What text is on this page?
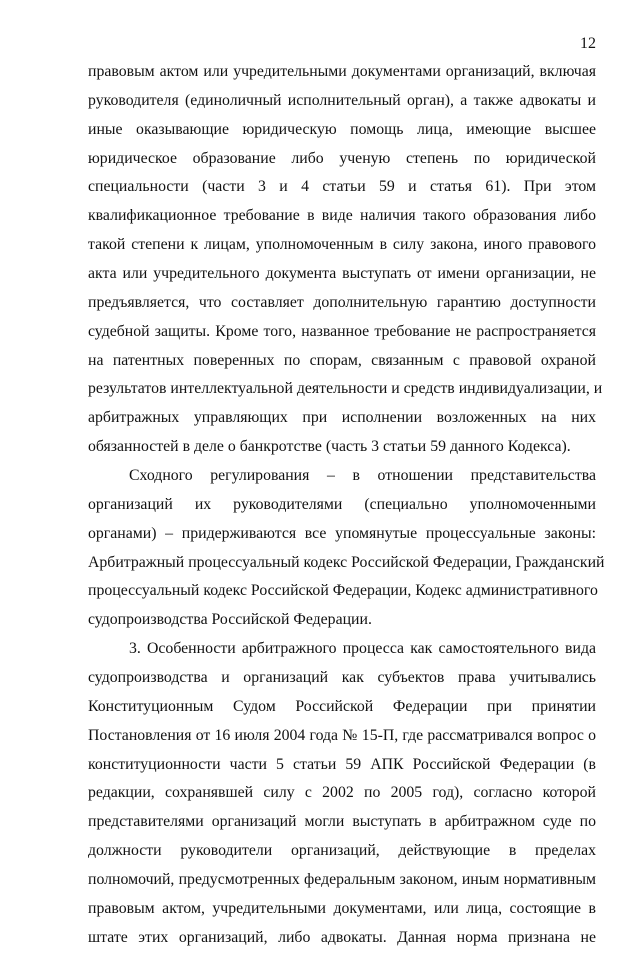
12
правовым актом или учредительными документами организаций, включая
руководителя (единоличный исполнительный орган), а также адвокаты и
иные оказывающие юридическую помощь лица, имеющие высшее
юридическое образование либо ученую степень по юридической
специальности (части 3 и 4 статьи 59 и статья 61). При этом
квалификационное требование в виде наличия такого образования либо
такой степени к лицам, уполномоченным в силу закона, иного правового
акта или учредительного документа выступать от имени организации, не
предъявляется, что составляет дополнительную гарантию доступности
судебной защиты. Кроме того, названное требование не распространяется
на патентных поверенных по спорам, связанным с правовой охраной
результатов интеллектуальной деятельности и средств индивидуализации, и
арбитражных управляющих при исполнении возложенных на них
обязанностей в деле о банкротстве (часть 3 статьи 59 данного Кодекса).
Сходного регулирования – в отношении представительства
организаций их руководителями (специально уполномоченными
органами) – придерживаются все упомянутые процессуальные законы:
Арбитражный процессуальный кодекс Российской Федерации, Гражданский
процессуальный кодекс Российской Федерации, Кодекс административного
судопроизводства Российской Федерации.
3. Особенности арбитражного процесса как самостоятельного вида
судопроизводства и организаций как субъектов права учитывались
Конституционным Судом Российской Федерации при принятии
Постановления от 16 июля 2004 года № 15-П, где рассматривался вопрос о
конституционности части 5 статьи 59 АПК Российской Федерации (в
редакции, сохранявшей силу с 2002 по 2005 год), согласно которой
представителями организаций могли выступать в арбитражном суде по
должности руководители организаций, действующие в пределах
полномочий, предусмотренных федеральным законом, иным нормативным
правовым актом, учредительными документами, или лица, состоящие в
штате этих организаций, либо адвокаты. Данная норма признана не
